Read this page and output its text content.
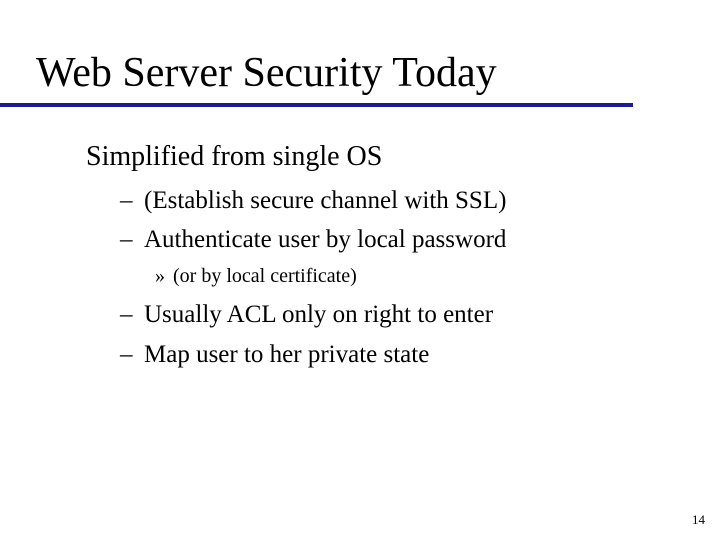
Web Server Security Today
Simplified from single OS
– (Establish secure channel with SSL)
– Authenticate user by local password
» (or by local certificate)
– Usually ACL only on right to enter
– Map user to her private state
14
